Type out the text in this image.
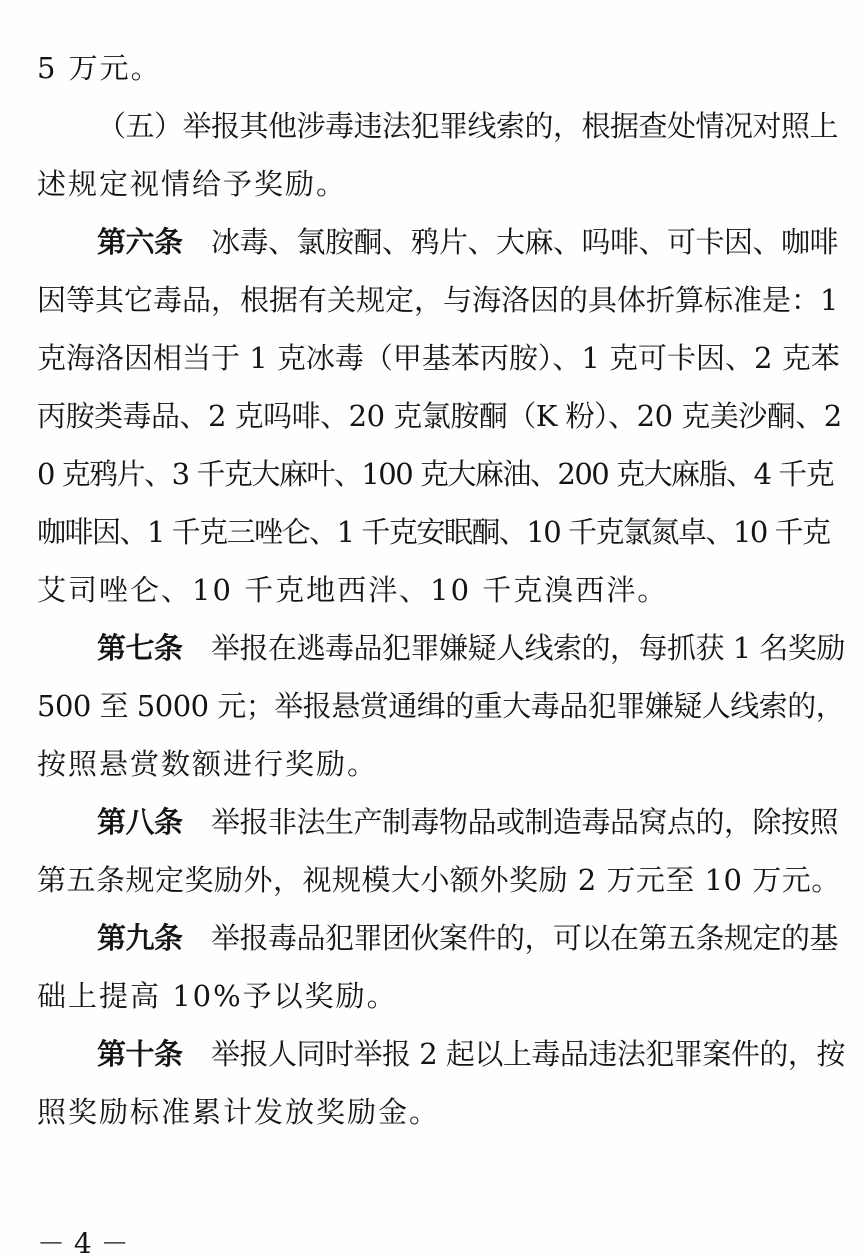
5 万元。
（五）举报其他涉毒违法犯罪线索的，根据查处情况对照上
述规定视情给予奖励。
第六条　 冰毒、氯胺酮、鸦片、大麻、吗啡、可卡因、咖啡
因等其它毒品，根据有关规定，与海洛因的具体折算标准是：1
克海洛因相当于 1 克冰毒（甲基苯丙胺）、1 克可卡因、2 克苯
丙胺类毒品、2 克吗啡、20 克氯胺酮（K 粉）、20 克美沙酮、2
0 克鸦片、3 千克大麻叶、100 克大麻油、200 克大麻脂、4 千克
咖啡因、1 千克三唑仑、1 千克安眠酮、10 千克氯氮卓、10 千克
艾司唑仑、10 千克地西泮、10 千克溴西泮。
第七条　 举报在逃毒品犯罪嫌疑人线索的，每抓获 1 名奖励
500 至 5000 元；举报悬赏通缉的重大毒品犯罪嫌疑人线索的，
按照悬赏数额进行奖励。
第八条　 举报非法生产制毒物品或制造毒品窝点的，除按照
第五条规定奖励外，视规模大小额外奖励 2 万元至 10 万元。
第九条　 举报毒品犯罪团伙案件的，可以在第五条规定的基
础上提高 10%予以奖励。
第十条　 举报人同时举报 2 起以上毒品违法犯罪案件的，按
照奖励标准累计发放奖励金。
－ 4 －
